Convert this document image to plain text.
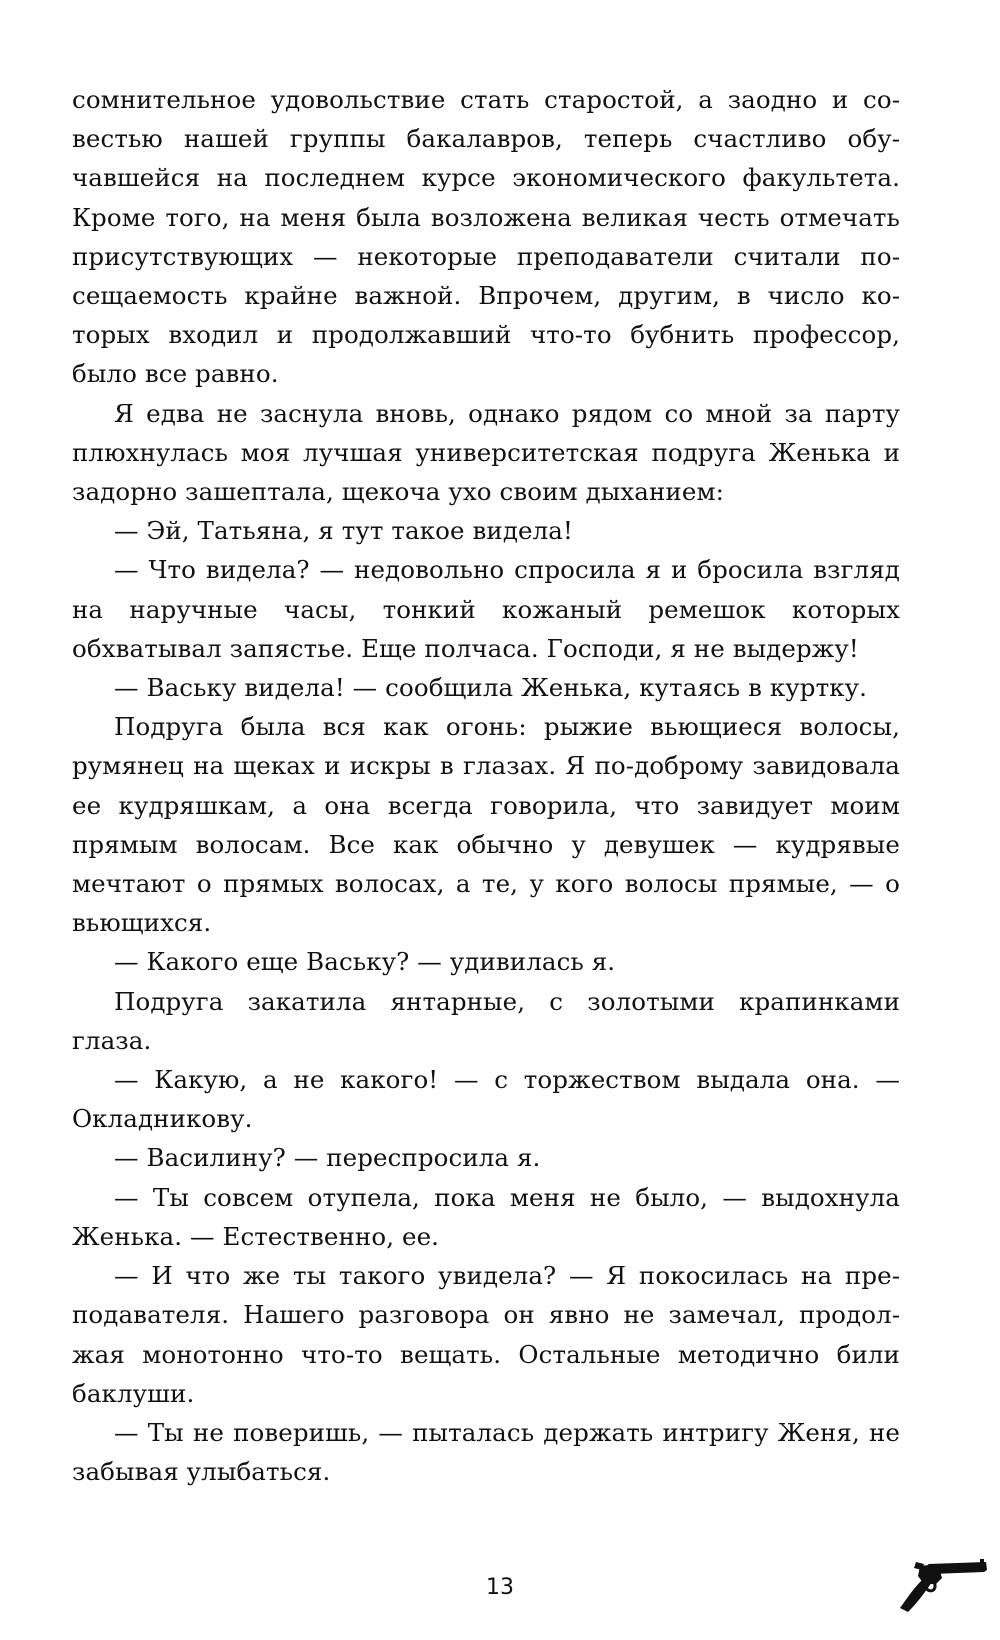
сомнительное удовольствие стать старостой, а заодно и совестью нашей группы бакалавров, теперь счастливо обучавшейся на последнем курсе экономического факультета. Кроме того, на меня была возложена великая честь отмечать присутствующих — некоторые преподаватели считали посещаемость крайне важной. Впрочем, другим, в число которых входил и продолжавший что-то бубнить профессор, было все равно.

Я едва не заснула вновь, однако рядом со мной за парту плюхнулась моя лучшая университетская подруга Женька и задорно зашептала, щекоча ухо своим дыханием:

— Эй, Татьяна, я тут такое видела!

— Что видела? — недовольно спросила я и бросила взгляд на наручные часы, тонкий кожаный ремешок которых обхватывал запястье. Еще полчаса. Господи, я не выдержу!

— Ваську видела! — сообщила Женька, кутаясь в куртку.

Подруга была вся как огонь: рыжие вьющиеся волосы, румянец на щеках и искры в глазах. Я по-доброму завидовала ее кудряшкам, а она всегда говорила, что завидует моим прямым волосам. Все как обычно у девушек — кудрявые мечтают о прямых волосах, а те, у кого волосы прямые, — о вьющихся.

— Какого еще Ваську? — удивилась я.

Подруга закатила янтарные, с золотыми крапинками глаза.

— Какую, а не какого! — с торжеством выдала она. — Окладникову.

— Василину? — переспросила я.

— Ты совсем отупела, пока меня не было, — выдохнула Женька. — Естественно, ее.

— И что же ты такого увидела? — Я покосилась на преподавателя. Нашего разговора он явно не замечал, продолжая монотонно что-то вещать. Остальные методично били баклуши.

— Ты не поверишь, — пыталась держать интригу Женя, не забывая улыбаться.

13
